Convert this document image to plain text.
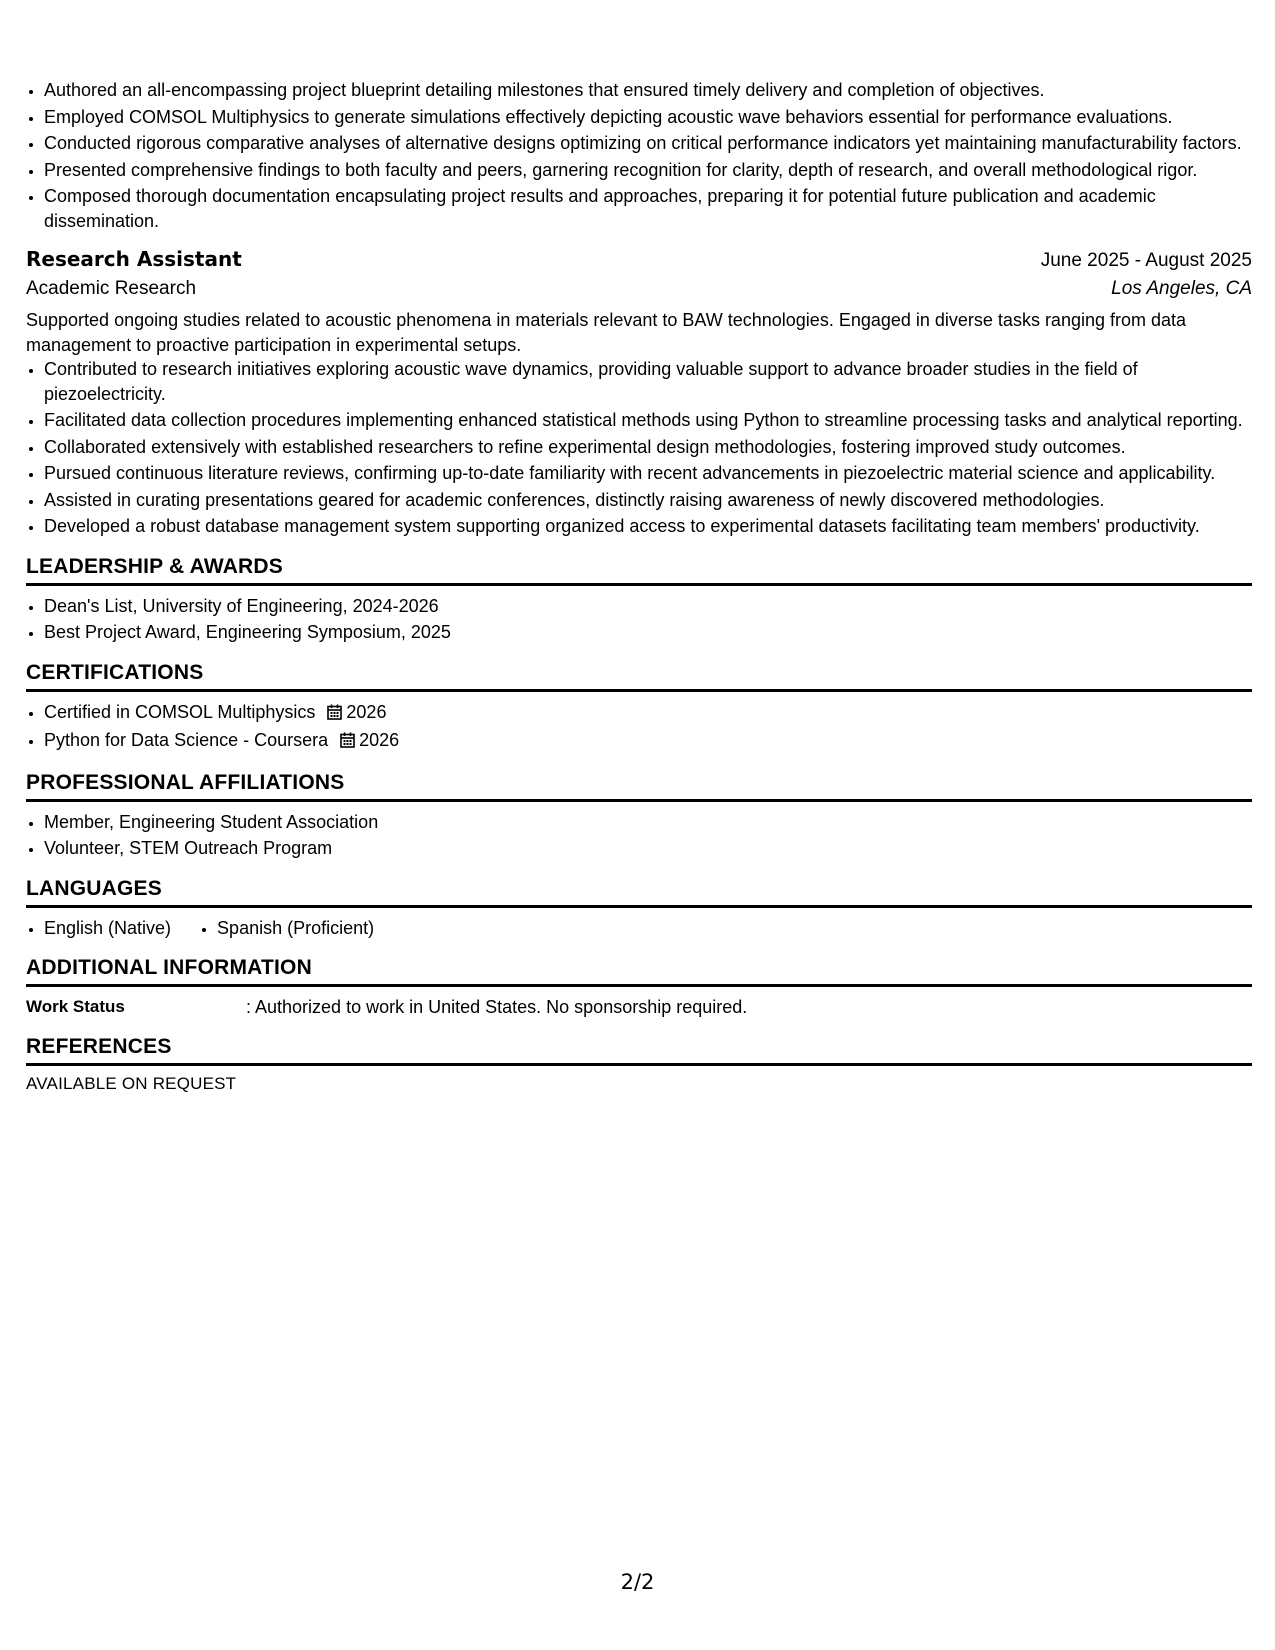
• Authored an all-encompassing project blueprint detailing milestones that ensured timely delivery and completion of objectives.
• Employed COMSOL Multiphysics to generate simulations effectively depicting acoustic wave behaviors essential for performance evaluations.
• Conducted rigorous comparative analyses of alternative designs optimizing on critical performance indicators yet maintaining manufacturability factors.
• Presented comprehensive findings to both faculty and peers, garnering recognition for clarity, depth of research, and overall methodological rigor.
• Composed thorough documentation encapsulating project results and approaches, preparing it for potential future publication and academic dissemination.
Research Assistant	June 2025 - August 2025
Academic Research	Los Angeles, CA
Supported ongoing studies related to acoustic phenomena in materials relevant to BAW technologies. Engaged in diverse tasks ranging from data management to proactive participation in experimental setups.
• Contributed to research initiatives exploring acoustic wave dynamics, providing valuable support to advance broader studies in the field of piezoelectricity.
• Facilitated data collection procedures implementing enhanced statistical methods using Python to streamline processing tasks and analytical reporting.
• Collaborated extensively with established researchers to refine experimental design methodologies, fostering improved study outcomes.
• Pursued continuous literature reviews, confirming up-to-date familiarity with recent advancements in piezoelectric material science and applicability.
• Assisted in curating presentations geared for academic conferences, distinctly raising awareness of newly discovered methodologies.
• Developed a robust database management system supporting organized access to experimental datasets facilitating team members' productivity.
LEADERSHIP & AWARDS
• Dean's List, University of Engineering, 2024-2026
• Best Project Award, Engineering Symposium, 2025
CERTIFICATIONS
• Certified in COMSOL Multiphysics 2026
• Python for Data Science - Coursera 2026
PROFESSIONAL AFFILIATIONS
• Member, Engineering Student Association
• Volunteer, STEM Outreach Program
LANGUAGES
• English (Native)
•	Spanish (Proficient)
ADDITIONAL INFORMATION
Work Status	: Authorized to work in United States. No sponsorship required.
REFERENCES
AVAILABLE ON REQUEST
2/2
